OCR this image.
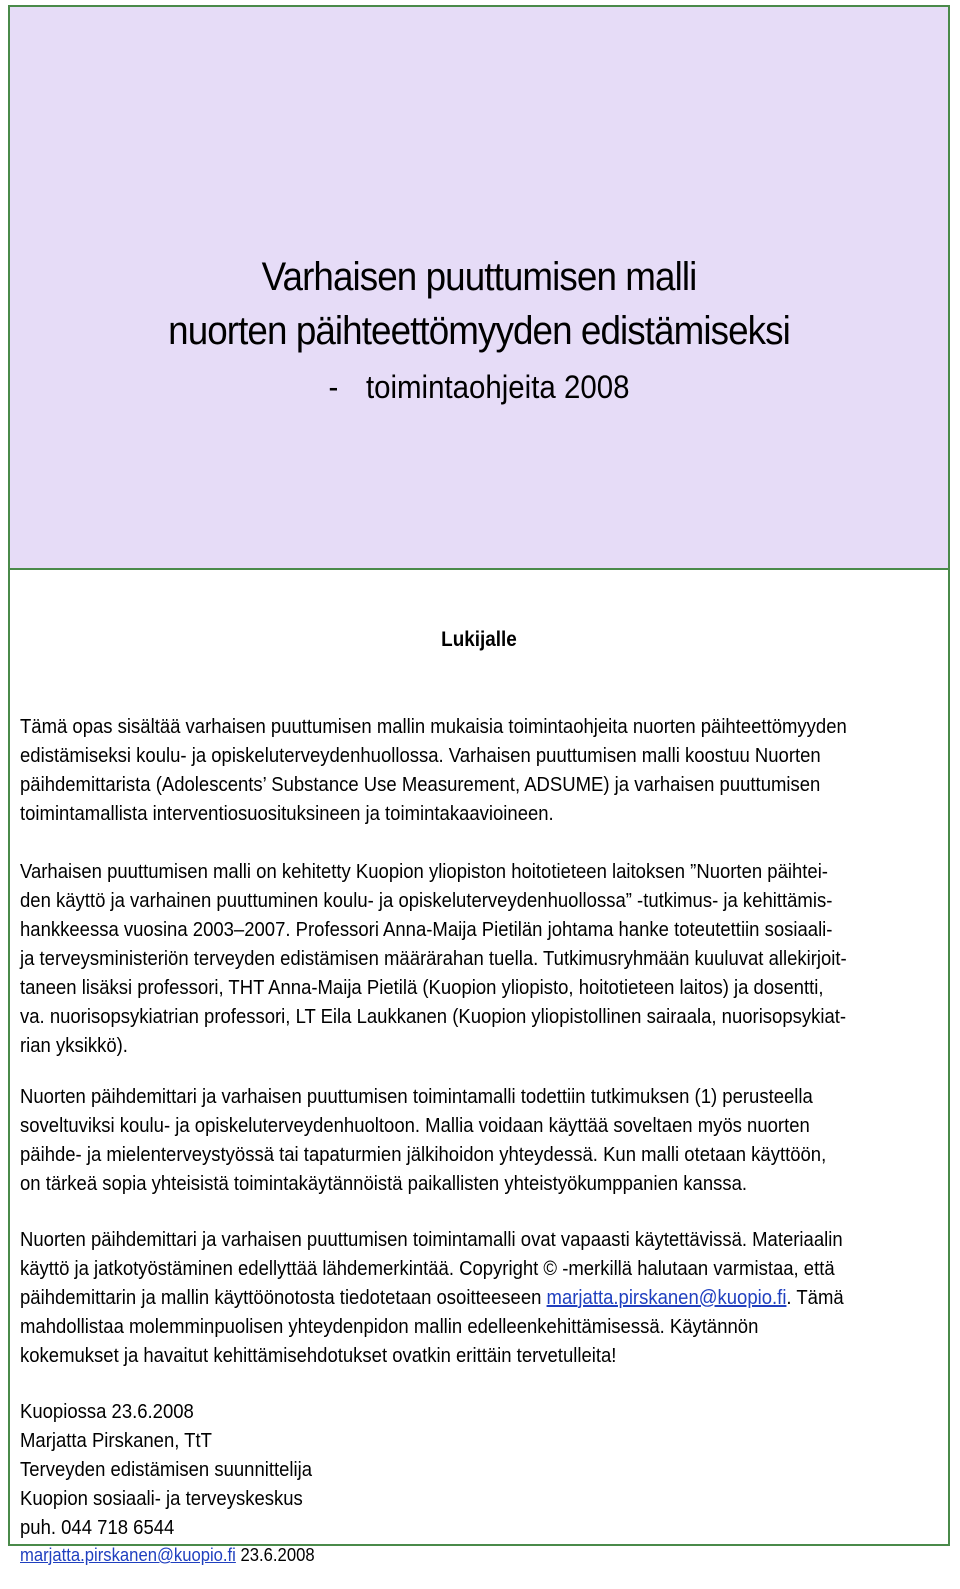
Varhaisen puuttumisen malli
nuorten päihteettömyyden edistämiseksi
- toimintaohjeita 2008
Lukijalle
Tämä opas sisältää varhaisen puuttumisen mallin mukaisia toimintaohjeita nuorten päihteettömyyden
edistämiseksi koulu- ja opiskeluterveydenhuollossa. Varhaisen puuttumisen malli koostuu Nuorten
päihdemittarista (Adolescents’ Substance Use Measurement, ADSUME) ja varhaisen puuttumisen
toimintamallista interventiosuosituksineen ja toimintakaavioineen.
Varhaisen puuttumisen malli on kehitetty Kuopion yliopiston hoitotieteen laitoksen ”Nuorten päihtei-
den käyttö ja varhainen puuttuminen koulu- ja opiskeluterveydenhuollossa” -tutkimus- ja kehittämis-
hankkeessa vuosina 2003–2007. Professori Anna-Maija Pietilän johtama hanke toteutettiin sosiaali-
ja terveysministeriön terveyden edistämisen määrärahan tuella. Tutkimusryhmään kuuluvat allekirjoit-
taneen lisäksi professori, THT Anna-Maija Pietilä (Kuopion yliopisto, hoitotieteen laitos) ja dosentti,
va. nuorisopsykiatrian professori, LT Eila Laukkanen (Kuopion yliopistollinen sairaala, nuorisopsykiat-
rian yksikkö).
Nuorten päihdemittari ja varhaisen puuttumisen toimintamalli todettiin tutkimuksen (1) perusteella
soveltuviksi koulu- ja opiskeluterveydenhuoltoon. Mallia voidaan käyttää soveltaen myös nuorten
päihde- ja mielenterveystyössä tai tapaturmien jälkihoidon yhteydessä. Kun malli otetaan käyttöön,
on tärkeä sopia yhteisistä toimintakäytännöistä paikallisten yhteistyökumppanien kanssa.
Nuorten päihdemittari ja varhaisen puuttumisen toimintamalli ovat vapaasti käytettävissä. Materiaalin
käyttö ja jatkotyöstäminen edellyttää lähdemerkintää. Copyright © -merkillä halutaan varmistaa, että
päihdemittarin ja mallin käyttöönotosta tiedotetaan osoitteeseen marjatta.pirskanen@kuopio.fi. Tämä
mahdollistaa molemminpuolisen yhteydenpidon mallin edelleenkehittämisessä. Käytännön
kokemukset ja havaitut kehittämisehdotukset ovatkin erittäin tervetulleita!
Kuopiossa 23.6.2008
Marjatta Pirskanen, TtT
Terveyden edistämisen suunnittelija
Kuopion sosiaali- ja terveyskeskus
puh. 044 718 6544
marjatta.pirskanen@kuopio.fi 23.6.2008
